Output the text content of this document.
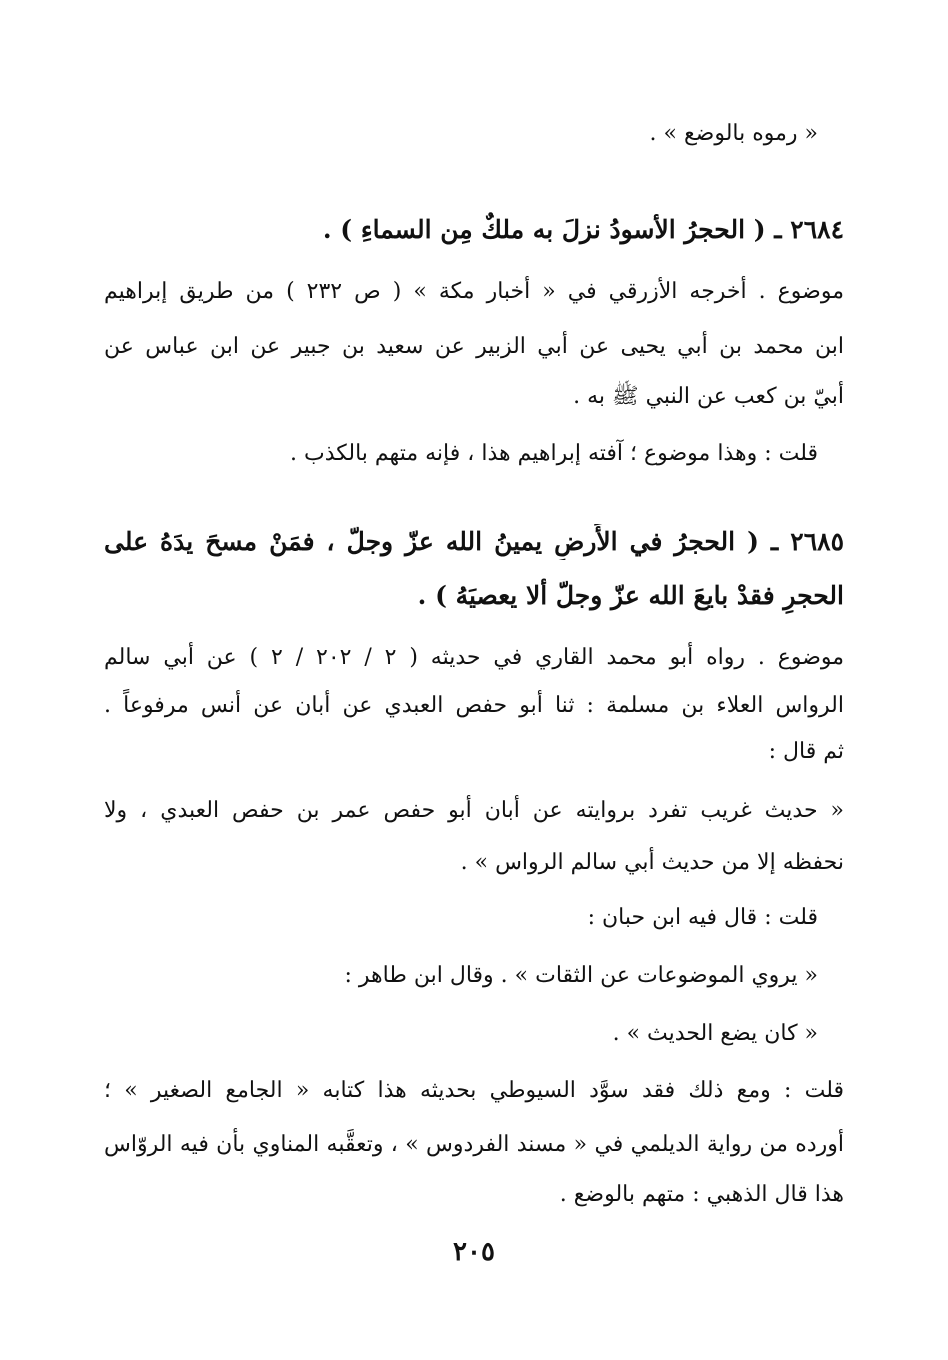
« رموه بالوضع » .
٢٦٨٤ ـ ( الحجرُ الأسودُ نزلَ به ملكٌ مِن السماءِ ) .
موضوع . أخرجه الأزرقي في « أخبار مكة » ( ص ٢٣٢ ) من طريق إبراهيم
ابن محمد بن أبي يحيى عن أبي الزبير عن سعيد بن جبير عن ابن عباس عن
أبيّ بن كعب عن النبي ﷺ به .
قلت : وهذا موضوع ؛ آفته إبراهيم هذا ، فإنه متهم بالكذب .
٢٦٨٥ ـ ( الحجرُ في الأَرضِ يمينُ الله عزّ وجلّ ، فمَنْ مسحَ يدَهُ على
الحجرِ فقدْ بايعَ الله عزّ وجلّ ألا يعصيَهُ ) .
موضوع . رواه أبو محمد القاري في حديثه ( ٢ / ٢٠٢ / ٢ ) عن أبي سالم
الرواس العلاء بن مسلمة : ثنا أبو حفص العبدي عن أبان عن أنس مرفوعاً .
ثم قال :
« حديث غريب تفرد بروايته عن أبان أبو حفص عمر بن حفص العبدي ، ولا
نحفظه إلا من حديث أبي سالم الرواس » .
قلت : قال فيه ابن حبان :
« يروي الموضوعات عن الثقات » . وقال ابن طاهر :
« كان يضع الحديث » .
قلت : ومع ذلك فقد سوَّد السيوطي بحديثه هذا كتابه « الجامع الصغير » ؛
أورده من رواية الديلمي في « مسند الفردوس » ، وتعقَّبه المناوي بأن فيه الروّاس
هذا قال الذهبي : متهم بالوضع .
٢٠٥
